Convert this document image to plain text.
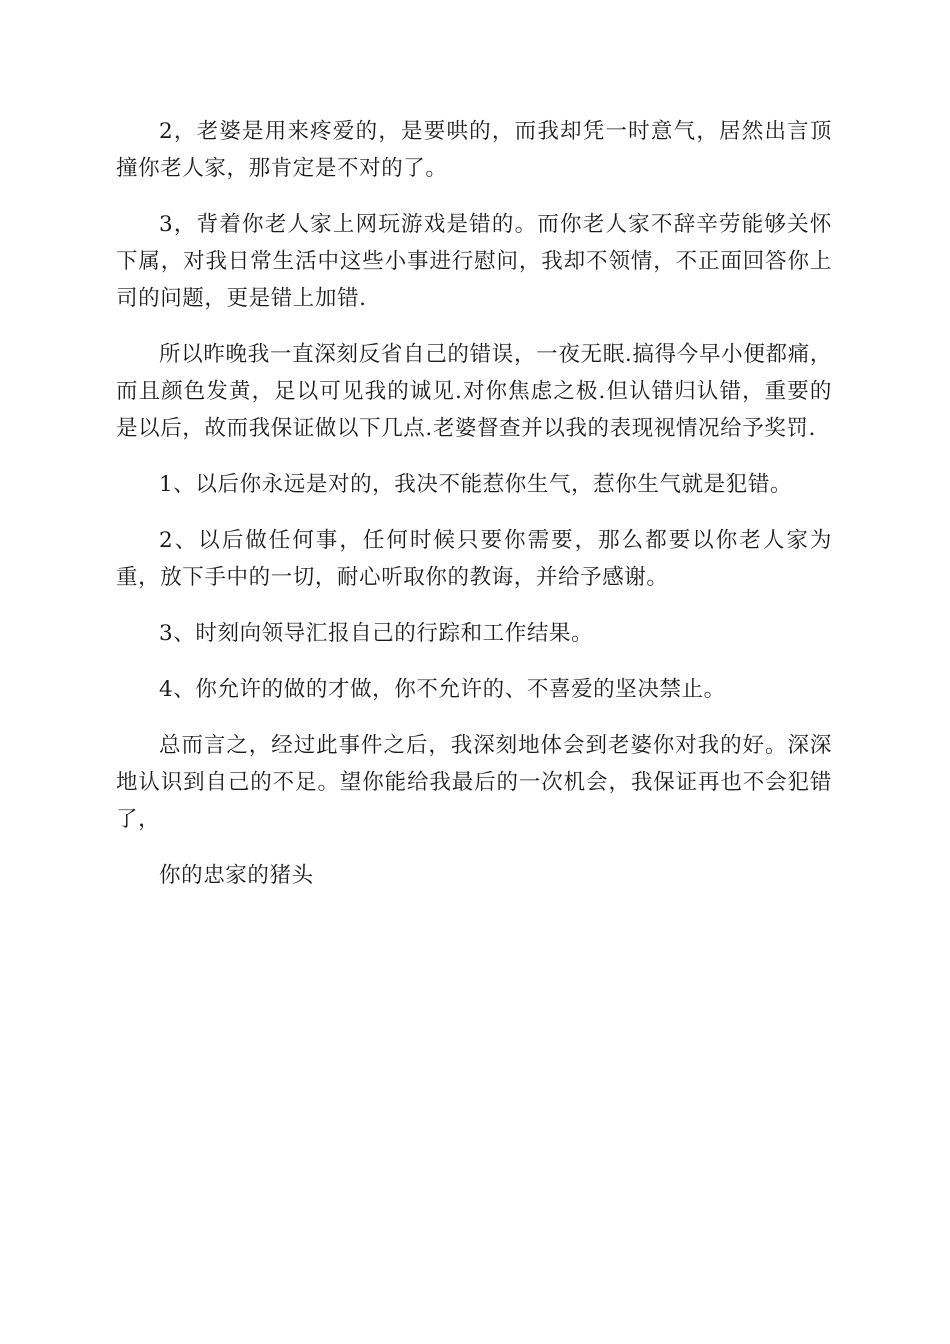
2，老婆是用来疼爱的，是要哄的，而我却凭一时意气，居然出言顶撞你老人家，那肯定是不对的了。

3，背着你老人家上网玩游戏是错的。而你老人家不辞辛劳能够关怀下属，对我日常生活中这些小事进行慰问，我却不领情，不正面回答你上司的问题，更是错上加错.

所以昨晚我一直深刻反省自己的错误，一夜无眠.搞得今早小便都痛，而且颜色发黄，足以可见我的诚见.对你焦虑之极.但认错归认错，重要的是以后，故而我保证做以下几点.老婆督查并以我的表现视情况给予奖罚.

1、以后你永远是对的，我决不能惹你生气，惹你生气就是犯错。

2、以后做任何事，任何时候只要你需要，那么都要以你老人家为重，放下手中的一切，耐心听取你的教诲，并给予感谢。

3、时刻向领导汇报自己的行踪和工作结果。

4、你允许的做的才做，你不允许的、不喜爱的坚决禁止。

总而言之，经过此事件之后，我深刻地体会到老婆你对我的好。深深地认识到自己的不足。望你能给我最后的一次机会，我保证再也不会犯错了，

你的忠家的猪头
